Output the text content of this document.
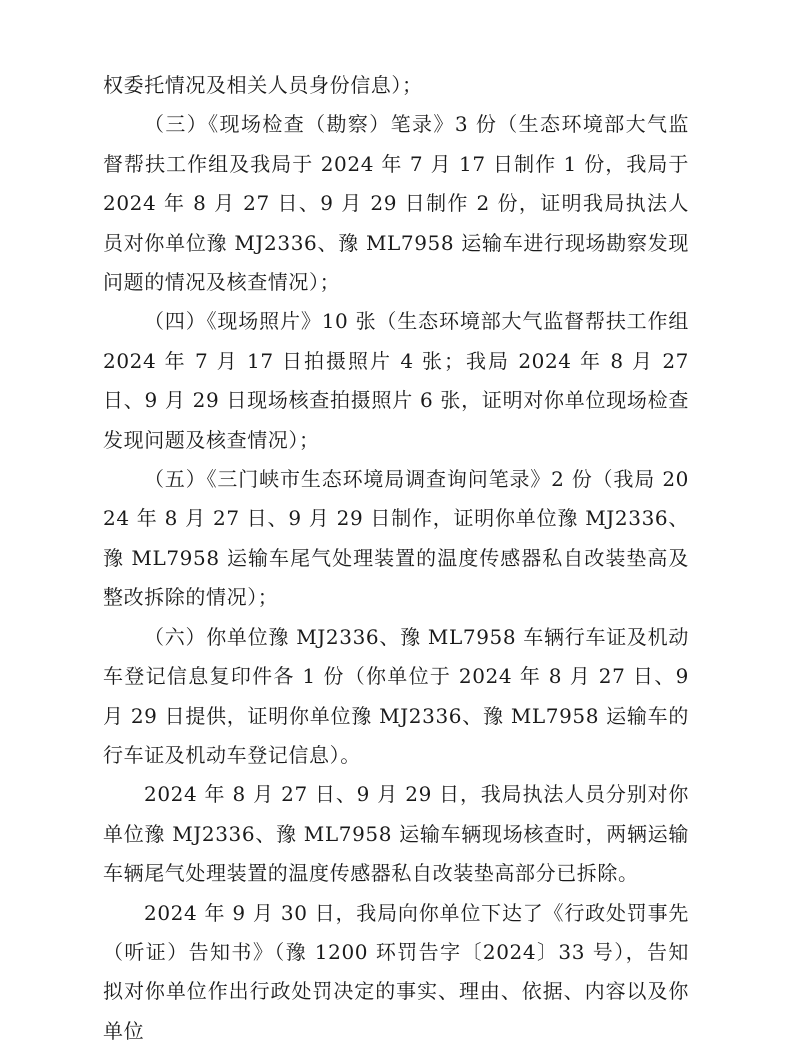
权委托情况及相关人员身份信息）；

（三）《现场检查（勘察）笔录》3 份（生态环境部大气监督帮扶工作组及我局于 2024 年 7 月 17 日制作 1 份，我局于 2024 年 8 月 27 日、9 月 29 日制作 2 份，证明我局执法人员对你单位豫 MJ2336、豫 ML7958 运输车进行现场勘察发现问题的情况及核查情况）；

（四）《现场照片》10 张（生态环境部大气监督帮扶工作组 2024 年 7 月 17 日拍摄照片 4 张；我局 2024 年 8 月 27 日、9 月 29 日现场核查拍摄照片 6 张，证明对你单位现场检查发现问题及核查情况）；

（五）《三门峡市生态环境局调查询问笔录》2 份（我局 2024 年 8 月 27 日、9 月 29 日制作，证明你单位豫 MJ2336、豫 ML7958 运输车尾气处理装置的温度传感器私自改装垫高及整改拆除的情况）；

（六）你单位豫 MJ2336、豫 ML7958 车辆行车证及机动车登记信息复印件各 1 份（你单位于 2024 年 8 月 27 日、9 月 29 日提供，证明你单位豫 MJ2336、豫 ML7958 运输车的行车证及机动车登记信息）。

2024 年 8 月 27 日、9 月 29 日，我局执法人员分别对你单位豫 MJ2336、豫 ML7958 运输车辆现场核查时，两辆运输车辆尾气处理装置的温度传感器私自改装垫高部分已拆除。

2024 年 9 月 30 日，我局向你单位下达了《行政处罚事先（听证）告知书》（豫 1200 环罚告字〔2024〕33 号），告知拟对你单位作出行政处罚决定的事实、理由、依据、内容以及你单位
